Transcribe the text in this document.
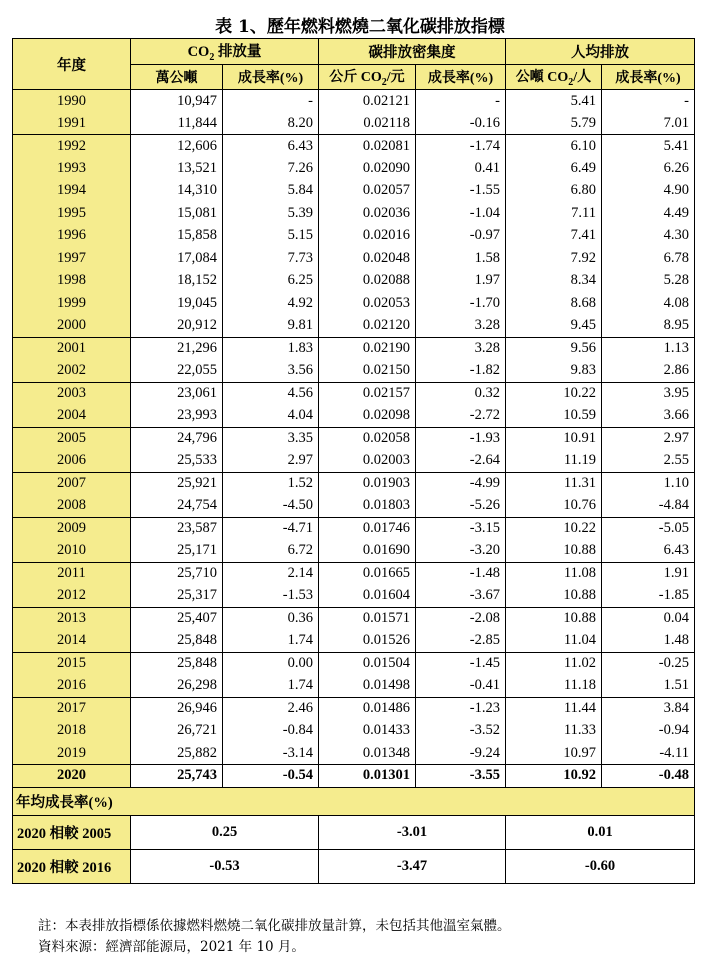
表 1、歷年燃料燃燒二氧化碳排放指標
年度	$CO_2$ 排放量		碳排放密集度		人均排放	
	萬公噸	成長率(%)	公斤 $CO_2/$元	成長率(%)	公噸 $CO_2/$人	成長率(%)
1990	10,947	-	0.02121	-	5.41	-
1991	11,844	8.20	0.02118	-0.16	5.79	7.01
1992	12,606	6.43	0.02081	-1.74	6.10	5.41
1993	13,521	7.26	0.02090	0.41	6.49	6.26
1994	14,310	5.84	0.02057	-1.55	6.80	4.90
1995	15,081	5.39	0.02036	-1.04	7.11	4.49
1996	15,858	5.15	0.02016	-0.97	7.41	4.30
1997	17,084	7.73	0.02048	1.58	7.92	6.78
1998	18,152	6.25	0.02088	1.97	8.34	5.28
1999	19,045	4.92	0.02053	-1.70	8.68	4.08
2000	20,912	9.81	0.02120	3.28	9.45	8.95
2001	21,296	1.83	0.02190	3.28	9.56	1.13
2002	22,055	3.56	0.02150	-1.82	9.83	2.86
2003	23,061	4.56	0.02157	0.32	10.22	3.95
2004	23,993	4.04	0.02098	-2.72	10.59	3.66
2005	24,796	3.35	0.02058	-1.93	10.91	2.97
2006	25,533	2.97	0.02003	-2.64	11.19	2.55
2007	25,921	1.52	0.01903	-4.99	11.31	1.10
2008	24,754	-4.50	0.01803	-5.26	10.76	-4.84
2009	23,587	-4.71	0.01746	-3.15	10.22	-5.05
2010	25,171	6.72	0.01690	-3.20	10.88	6.43
2011	25,710	2.14	0.01665	-1.48	11.08	1.91
2012	25,317	-1.53	0.01604	-3.67	10.88	-1.85
2013	25,407	0.36	0.01571	-2.08	10.88	0.04
2014	25,848	1.74	0.01526	-2.85	11.04	1.48
2015	25,848	0.00	0.01504	-1.45	11.02	-0.25
2016	26,298	1.74	0.01498	-0.41	11.18	1.51
2017	26,946	2.46	0.01486	-1.23	11.44	3.84
2018	26,721	-0.84	0.01433	-3.52	11.33	-0.94
2019	25,882	-3.14	0.01348	-9.24	10.97	-4.11
2020	25,743	-0.54	0.01301	-3.55	10.92	-0.48
年均成長率(%)						
2020 相較 2005	0.25		-3.01		0.01	
2020 相較 2016	-0.53		-3.47		-0.60	
註：本表排放指標係依據燃料燃燒二氧化碳排放量計算，未包括其他溫室氣體。
資料來源：經濟部能源局，2021 年 10 月。
